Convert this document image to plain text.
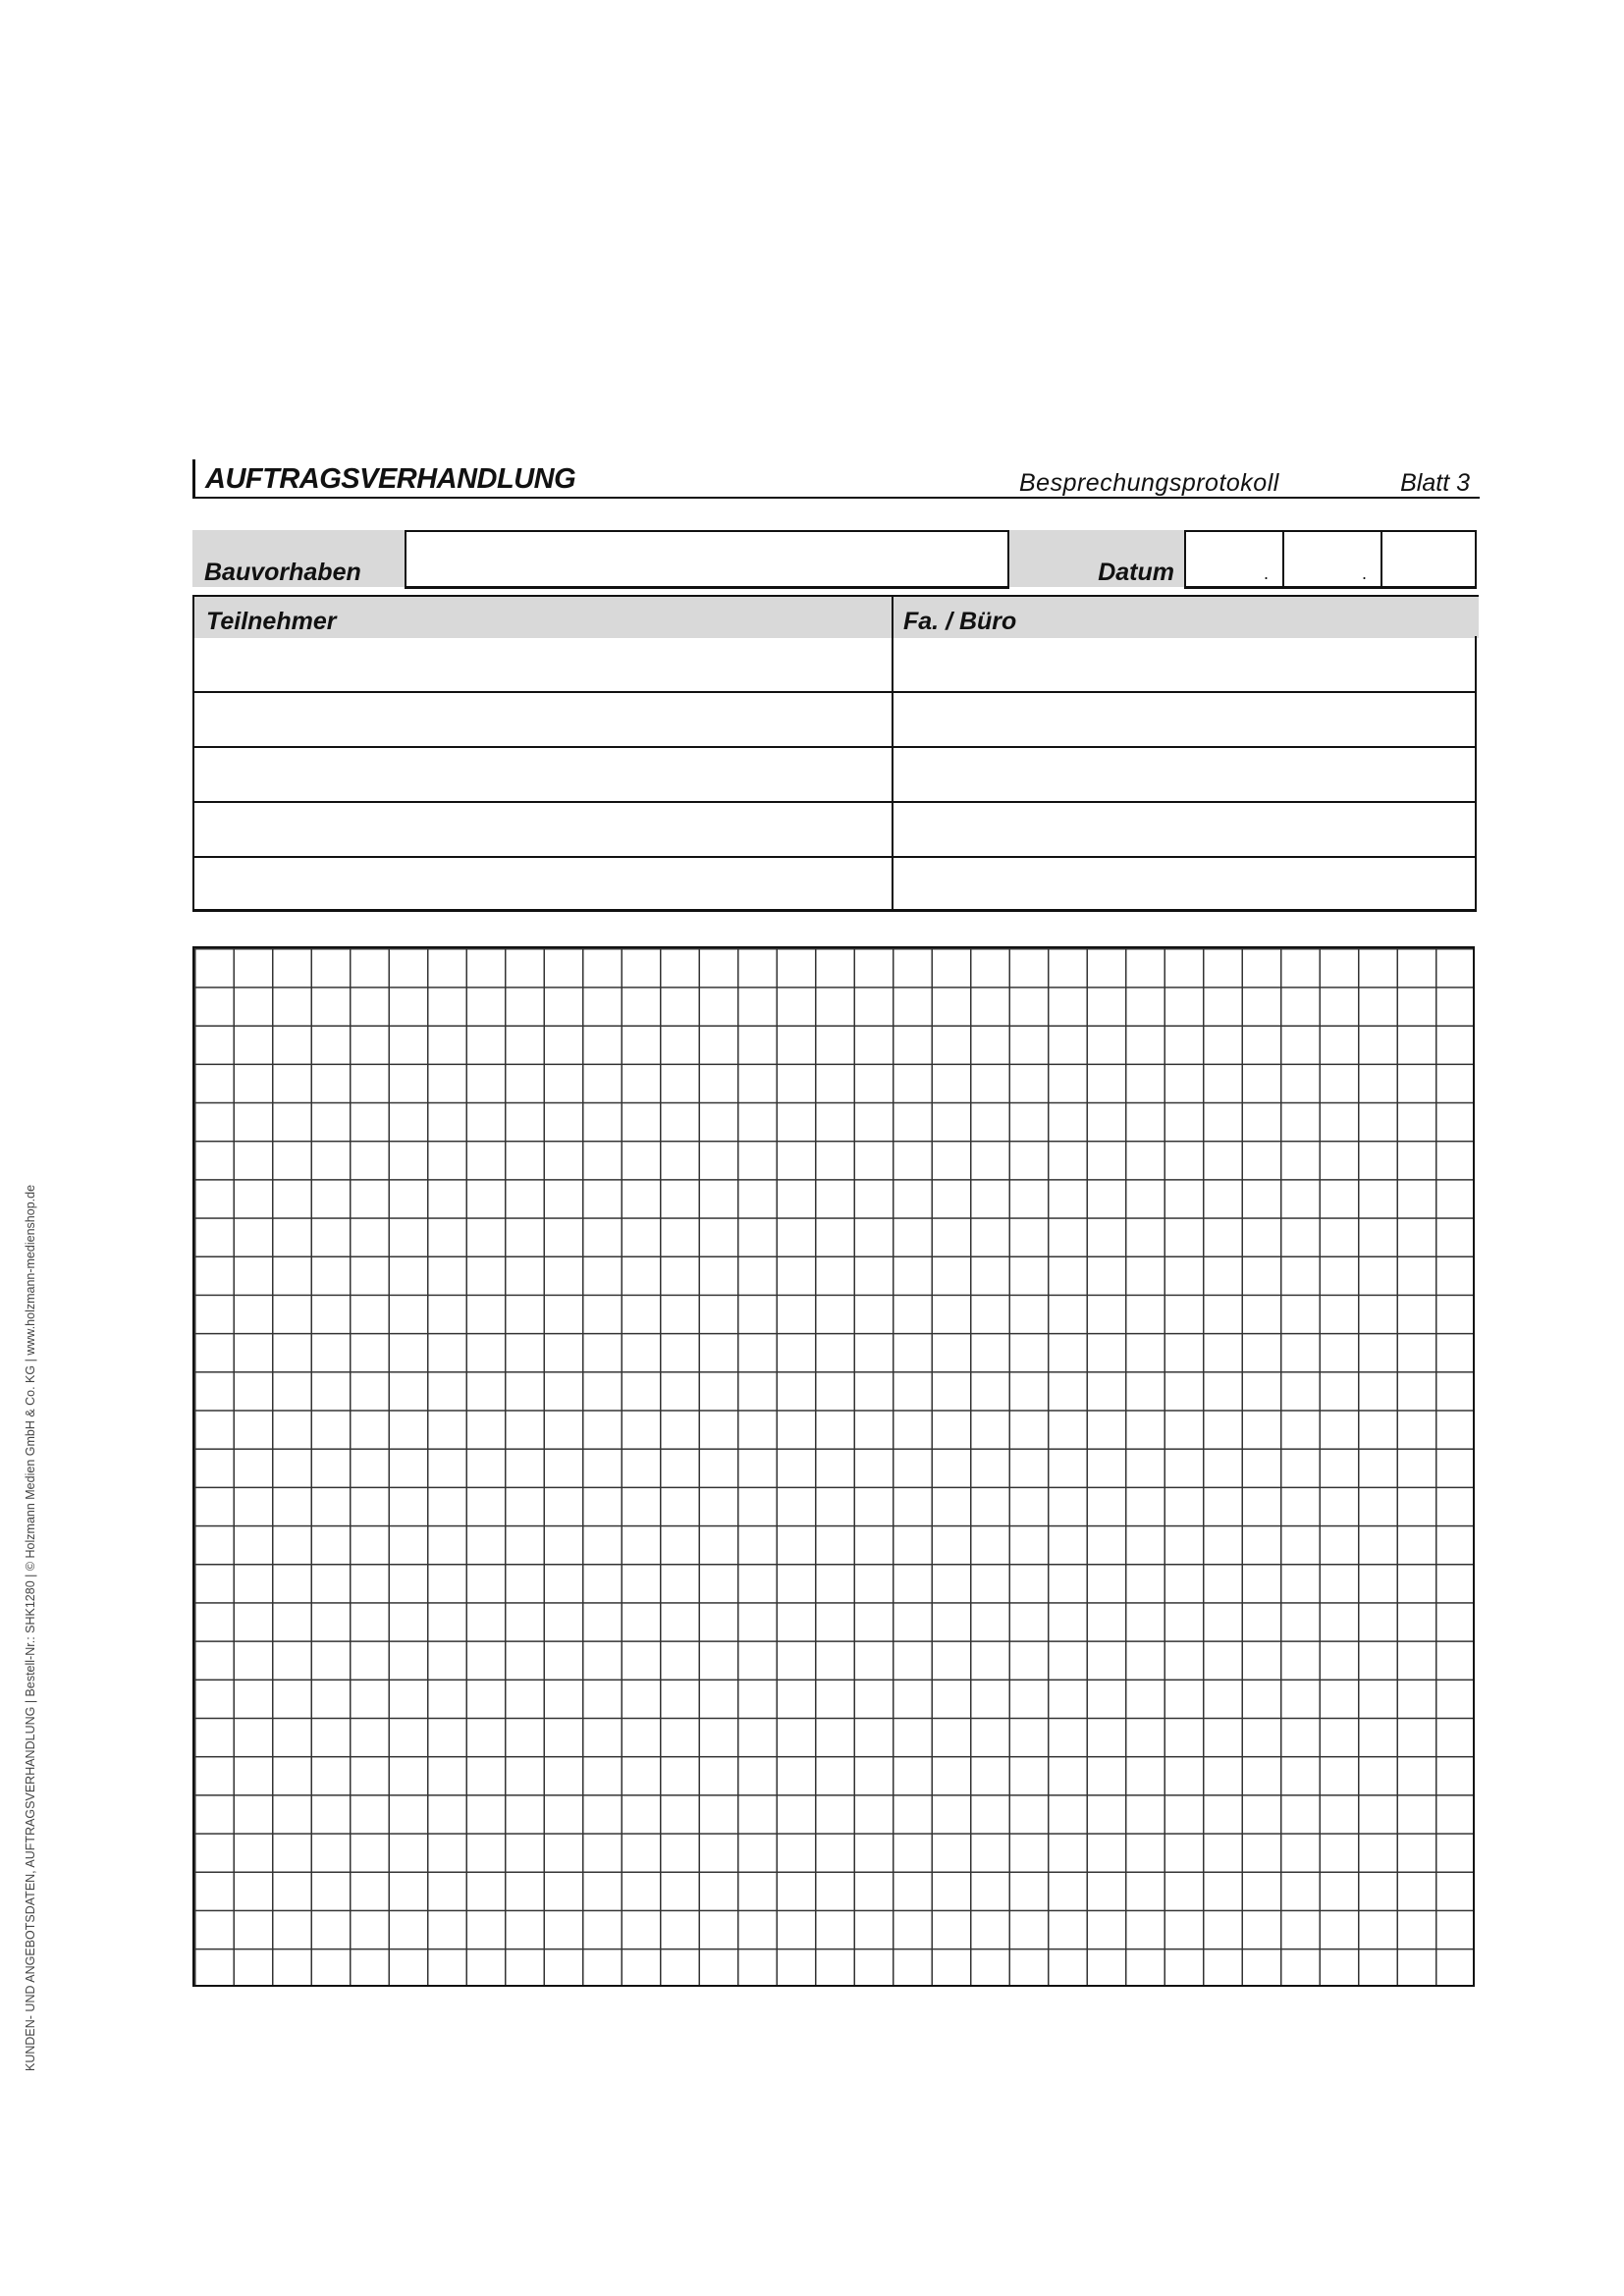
AUFTRAGSVERHANDLUNG	Besprechungsprotokoll	Blatt 3
Bauvorhaben	Datum	.	.
Teilnehmer	Fa. / Büro
KUNDEN- UND ANGEBOTSDATEN, AUFTRAGSVERHANDLUNG | Bestell-Nr.: SHK1280 | © Holzmann Medien GmbH & Co. KG | www.holzmann-medienshop.de
